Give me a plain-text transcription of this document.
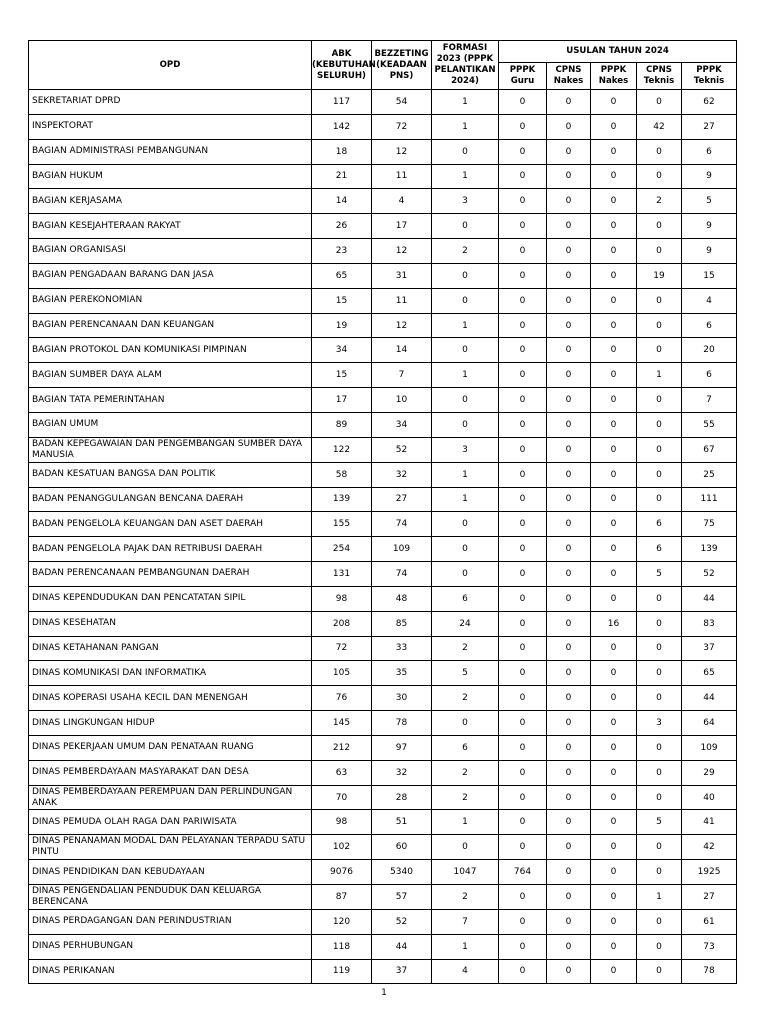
OPD	ABK (KEBUTUHAN SELURUH)	BEZZETING (KEADAAN PNS)	FORMASI 2023 (PPPK PELANTIKAN 2024)	USULAN TAHUN 2024				
				PPPK Guru	CPNS Nakes	PPPK Nakes	CPNS Teknis	PPPK Teknis
SEKRETARIAT DPRD	117	54	1	0	0	0	0	62
INSPEKTORAT	142	72	1	0	0	0	42	27
BAGIAN ADMINISTRASI PEMBANGUNAN	18	12	0	0	0	0	0	6
BAGIAN HUKUM	21	11	1	0	0	0	0	9
BAGIAN KERJASAMA	14	4	3	0	0	0	2	5
BAGIAN KESEJAHTERAAN RAKYAT	26	17	0	0	0	0	0	9
BAGIAN ORGANISASI	23	12	2	0	0	0	0	9
BAGIAN PENGADAAN BARANG DAN JASA	65	31	0	0	0	0	19	15
BAGIAN PEREKONOMIAN	15	11	0	0	0	0	0	4
BAGIAN PERENCANAAN DAN KEUANGAN	19	12	1	0	0	0	0	6
BAGIAN PROTOKOL DAN KOMUNIKASI PIMPINAN	34	14	0	0	0	0	0	20
BAGIAN SUMBER DAYA ALAM	15	7	1	0	0	0	1	6
BAGIAN TATA PEMERINTAHAN	17	10	0	0	0	0	0	7
BAGIAN UMUM	89	34	0	0	0	0	0	55
BADAN KEPEGAWAIAN DAN PENGEMBANGAN SUMBER DAYA MANUSIA	122	52	3	0	0	0	0	67
BADAN KESATUAN BANGSA DAN POLITIK	58	32	1	0	0	0	0	25
BADAN PENANGGULANGAN BENCANA DAERAH	139	27	1	0	0	0	0	111
BADAN PENGELOLA KEUANGAN DAN ASET DAERAH	155	74	0	0	0	0	6	75
BADAN PENGELOLA PAJAK DAN RETRIBUSI DAERAH	254	109	0	0	0	0	6	139
BADAN PERENCANAAN PEMBANGUNAN DAERAH	131	74	0	0	0	0	5	52
DINAS KEPENDUDUKAN DAN PENCATATAN SIPIL	98	48	6	0	0	0	0	44
DINAS KESEHATAN	208	85	24	0	0	16	0	83
DINAS KETAHANAN PANGAN	72	33	2	0	0	0	0	37
DINAS KOMUNIKASI DAN INFORMATIKA	105	35	5	0	0	0	0	65
DINAS KOPERASI USAHA KECIL DAN MENENGAH	76	30	2	0	0	0	0	44
DINAS LINGKUNGAN HIDUP	145	78	0	0	0	0	3	64
DINAS PEKERJAAN UMUM DAN PENATAAN RUANG	212	97	6	0	0	0	0	109
DINAS PEMBERDAYAAN MASYARAKAT DAN DESA	63	32	2	0	0	0	0	29
DINAS PEMBERDAYAAN PEREMPUAN DAN PERLINDUNGAN ANAK	70	28	2	0	0	0	0	40
DINAS PEMUDA OLAH RAGA DAN PARIWISATA	98	51	1	0	0	0	5	41
DINAS PENANAMAN MODAL DAN PELAYANAN TERPADU SATU PINTU	102	60	0	0	0	0	0	42
DINAS PENDIDIKAN DAN KEBUDAYAAN	9076	5340	1047	764	0	0	0	1925
DINAS PENGENDALIAN PENDUDUK DAN KELUARGA BERENCANA	87	57	2	0	0	0	1	27
DINAS PERDAGANGAN DAN PERINDUSTRIAN	120	52	7	0	0	0	0	61
DINAS PERHUBUNGAN	118	44	1	0	0	0	0	73
DINAS PERIKANAN	119	37	4	0	0	0	0	78
1
